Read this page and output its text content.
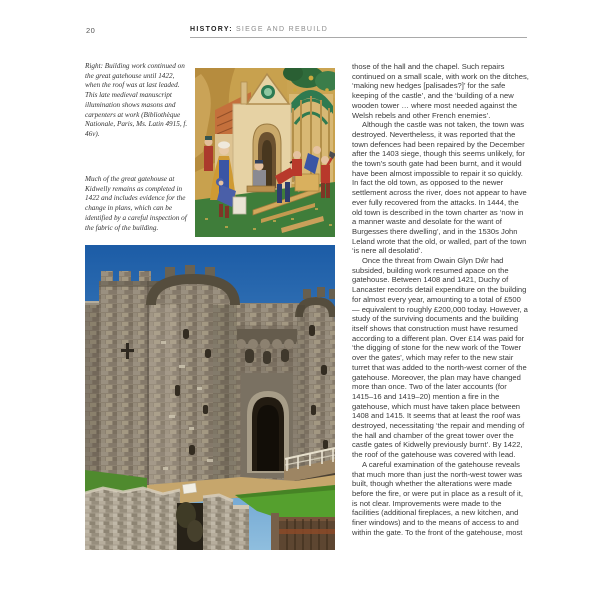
20	HISTORY: SIEGE AND REBUILD
Right: Building work continued on the great gatehouse until 1422, when the roof was at last leaded. This late medieval manuscript illumination shows masons and carpenters at work (Bibliothèque Nationale, Paris, Ms. Latin 4915, f. 46v).
Much of the great gatehouse at Kidwelly remains as completed in 1422 and includes evidence for the change in plans, which can be identified by a careful inspection of the fabric of the building.

those of the hall and the chapel. Such repairs continued on a small scale, with work on the ditches, ‘making new hedges [palisades?]’ for the safe keeping of the castle’, and the ‘building of a new wooden tower … where most needed against the Welsh rebels and other French enemies’.

Although the castle was not taken, the town was destroyed. Nevertheless, it was reported that the town defences had been repaired by the December after the 1403 siege, though this seems unlikely, for the town’s south gate had been burnt, and it would have been almost impossible to repair it so quickly. In fact the old town, as opposed to the newer settlement across the river, does not appear to have ever fully recovered from the attacks. In 1444, the old town is described in the town charter as ‘now in a manner waste and desolate for the want of Burgesses there dwelling’, and in the 1530s John Leland wrote that the old, or walled, part of the town ‘is nere all desolatid’.

Once the threat from Owain Glyn Dŵr had subsided, building work resumed apace on the gatehouse. Between 1408 and 1421, Duchy of Lancaster records detail expenditure on the building for almost every year, amounting to a total of £500 — equivalent to roughly £200,000 today. However, a study of the surviving documents and the building itself shows that construction must have resumed according to a different plan. Over £14 was paid for ‘the digging of stone for the new work of the Tower over the gates’, which may refer to the new stair turret that was added to the north-west corner of the gatehouse. Moreover, the plan may have changed more than once. Two of the later accounts (for 1415–16 and 1419–20) mention a fire in the gatehouse, which must have taken place between 1408 and 1415. It seems that at least the roof was destroyed, necessitating ‘the repair and mending of the hall and chamber of the great tower over the castle gates of Kidwelly previously burnt’. By 1422, the roof of the gatehouse was covered with lead.

A careful examination of the gatehouse reveals that much more than just the north-west tower was built, though whether the alterations were made before the fire, or were put in place as a result of it, is not clear. Improvements were made to the facilities (additional fireplaces, a new kitchen, and finer windows) and to the means of access to and within the gate. To the front of the gatehouse, most
